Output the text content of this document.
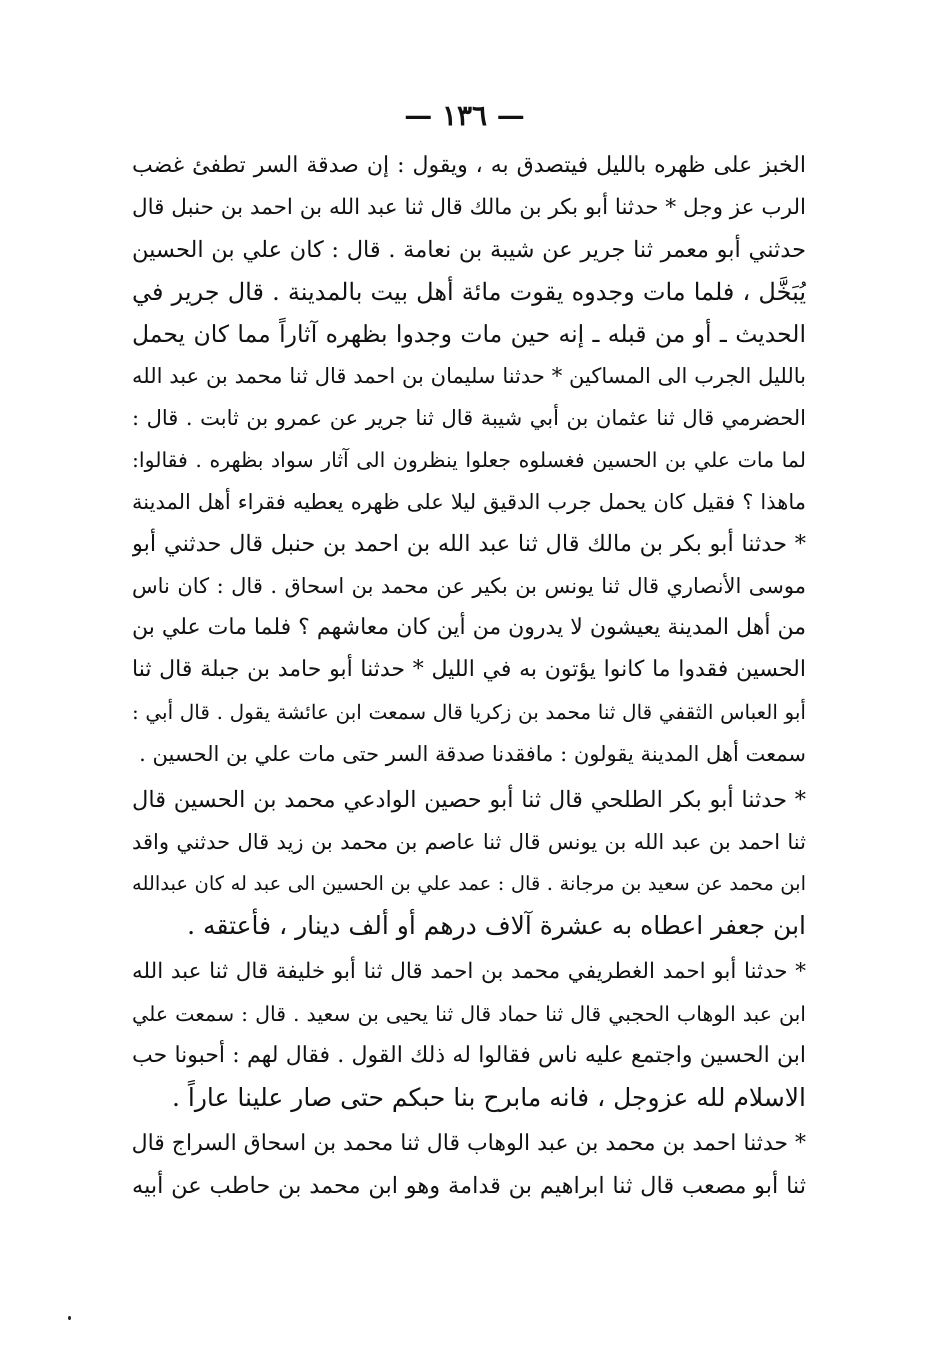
— ١٣٦ —
الخبز على ظهره بالليل فيتصدق به ، ويقول : إن صدقة السر تطفئ غضب
الرب عز وجل * حدثنا أبو بكر بن مالك قال ثنا عبد الله بن احمد بن حنبل قال
حدثني أبو معمر ثنا جرير عن شيبة بن نعامة . قال : كان علي بن الحسين
يُبَخَّل ، فلما مات وجدوه يقوت مائة أهل بيت بالمدينة . قال جرير في
الحديث ـ أو من قبله ـ إنه حين مات وجدوا بظهره آثاراً مما كان يحمل
بالليل الجرب الى المساكين * حدثنا سليمان بن احمد قال ثنا محمد بن عبد الله
الحضرمي قال ثنا عثمان بن أبي شيبة قال ثنا جرير عن عمرو بن ثابت . قال :
لما مات علي بن الحسين فغسلوه جعلوا ينظرون الى آثار سواد بظهره . فقالوا:
ماهذا ؟ فقيل كان يحمل جرب الدقيق ليلا على ظهره يعطيه فقراء أهل المدينة
* حدثنا أبو بكر بن مالك قال ثنا عبد الله بن احمد بن حنبل قال حدثني أبو
موسى الأنصاري قال ثنا يونس بن بكير عن محمد بن اسحاق . قال : كان ناس
من أهل المدينة يعيشون لا يدرون من أين كان معاشهم ؟ فلما مات علي بن
الحسين فقدوا ما كانوا يؤتون به في الليل * حدثنا أبو حامد بن جبلة قال ثنا
أبو العباس الثقفي قال ثنا محمد بن زكريا قال سمعت ابن عائشة يقول . قال أبي :
سمعت أهل المدينة يقولون : مافقدنا صدقة السر حتى مات علي بن الحسين .
* حدثنا أبو بكر الطلحي قال ثنا أبو حصين الوادعي محمد بن الحسين قال
ثنا احمد بن عبد الله بن يونس قال ثنا عاصم بن محمد بن زيد قال حدثني واقد
ابن محمد عن سعيد بن مرجانة . قال : عمد علي بن الحسين الى عبد له كان عبدالله
ابن جعفر اعطاه به عشرة آلاف درهم أو ألف دينار ، فأعتقه .
* حدثنا أبو احمد الغطريفي محمد بن احمد قال ثنا أبو خليفة قال ثنا عبد الله
ابن عبد الوهاب الحجبي قال ثنا حماد قال ثنا يحيى بن سعيد . قال : سمعت علي
ابن الحسين واجتمع عليه ناس فقالوا له ذلك القول . فقال لهم : أحبونا حب
الاسلام لله عزوجل ، فانه مابرح بنا حبكم حتى صار علينا عاراً .
* حدثنا احمد بن محمد بن عبد الوهاب قال ثنا محمد بن اسحاق السراج قال
ثنا أبو مصعب قال ثنا ابراهيم بن قدامة وهو ابن محمد بن حاطب عن أبيه
